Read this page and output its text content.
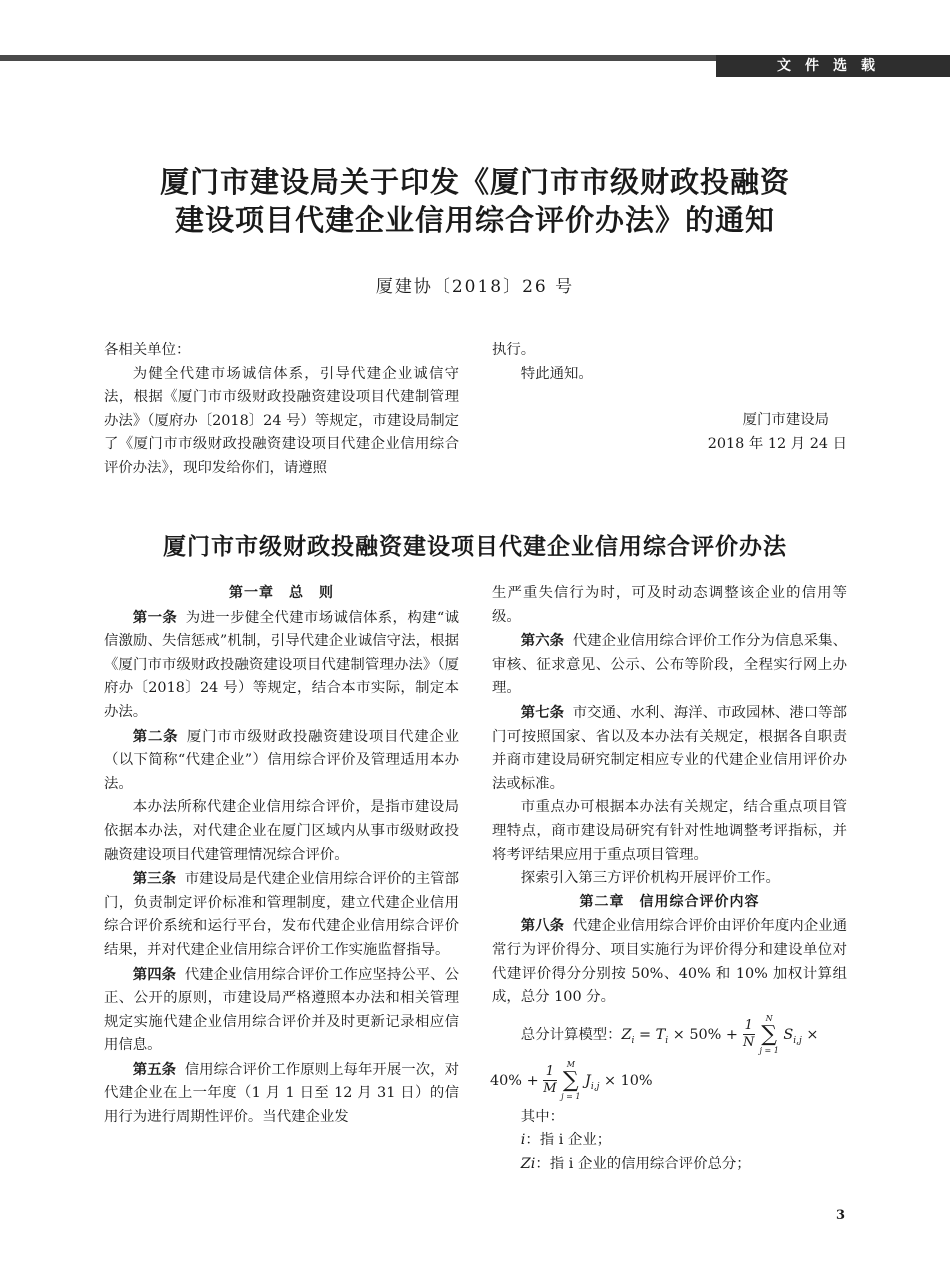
文件选载
厦门市建设局关于印发《厦门市市级财政投融资
建设项目代建企业信用综合评价办法》的通知
厦建协〔2018〕26 号

各相关单位：

为健全代建市场诚信体系，引导代建企业诚信守法，根据《厦门市市级财政投融资建设项目代建制管理办法》（厦府办〔2018〕24 号）等规定，市建设局制定了《厦门市市级财政投融资建设项目代建企业信用综合评价办法》，现印发给你们，请遵照

执行。

特此通知。

厦门市建设局

2018 年 12 月 24 日

厦门市市级财政投融资建设项目代建企业信用综合评价办法

第一章　总　则

第一条 为进一步健全代建市场诚信体系，构建“诚信激励、失信惩戒”机制，引导代建企业诚信守法，根据《厦门市市级财政投融资建设项目代建制管理办法》（厦府办〔2018〕24 号）等规定，结合本市实际，制定本办法。

第二条 厦门市市级财政投融资建设项目代建企业（以下简称“代建企业”）信用综合评价及管理适用本办法。

本办法所称代建企业信用综合评价，是指市建设局依据本办法，对代建企业在厦门区域内从事市级财政投融资建设项目代建管理情况综合评价。

第三条 市建设局是代建企业信用综合评价的主管部门，负责制定评价标准和管理制度，建立代建企业信用综合评价系统和运行平台，发布代建企业信用综合评价结果，并对代建企业信用综合评价工作实施监督指导。

第四条 代建企业信用综合评价工作应坚持公平、公正、公开的原则，市建设局严格遵照本办法和相关管理规定实施代建企业信用综合评价并及时更新记录相应信用信息。

第五条 信用综合评价工作原则上每年开展一次，对代建企业在上一年度（1 月 1 日至 12 月 31 日）的信用行为进行周期性评价。当代建企业发

生严重失信行为时，可及时动态调整该企业的信用等级。

第六条 代建企业信用综合评价工作分为信息采集、审核、征求意见、公示、公布等阶段，全程实行网上办理。

第七条 市交通、水利、海洋、市政园林、港口等部门可按照国家、省以及本办法有关规定，根据各自职责并商市建设局研究制定相应专业的代建企业信用评价办法或标准。

市重点办可根据本办法有关规定，结合重点项目管理特点，商市建设局研究有针对性地调整考评指标，并将考评结果应用于重点项目管理。

探索引入第三方评价机构开展评价工作。

第二章　信用综合评价内容

第八条 代建企业信用综合评价由评价年度内企业通常行为评价得分、项目实施行为评价得分和建设单位对代建评价得分分别按 50%、40% 和 10% 加权计算组成，总分 100 分。

总分计算模型：$Z_i = T_i \times 50\% + \frac{1}{N}$
	N
∑
j = 1
$S_{i,j}$ ×
$40\% + \frac{1}{M}$
	M
∑
j = 1
$J_{i,j} \times 10\%$

其中：

i：指 i 企业；

Zi：指 i 企业的信用综合评价总分；

3
